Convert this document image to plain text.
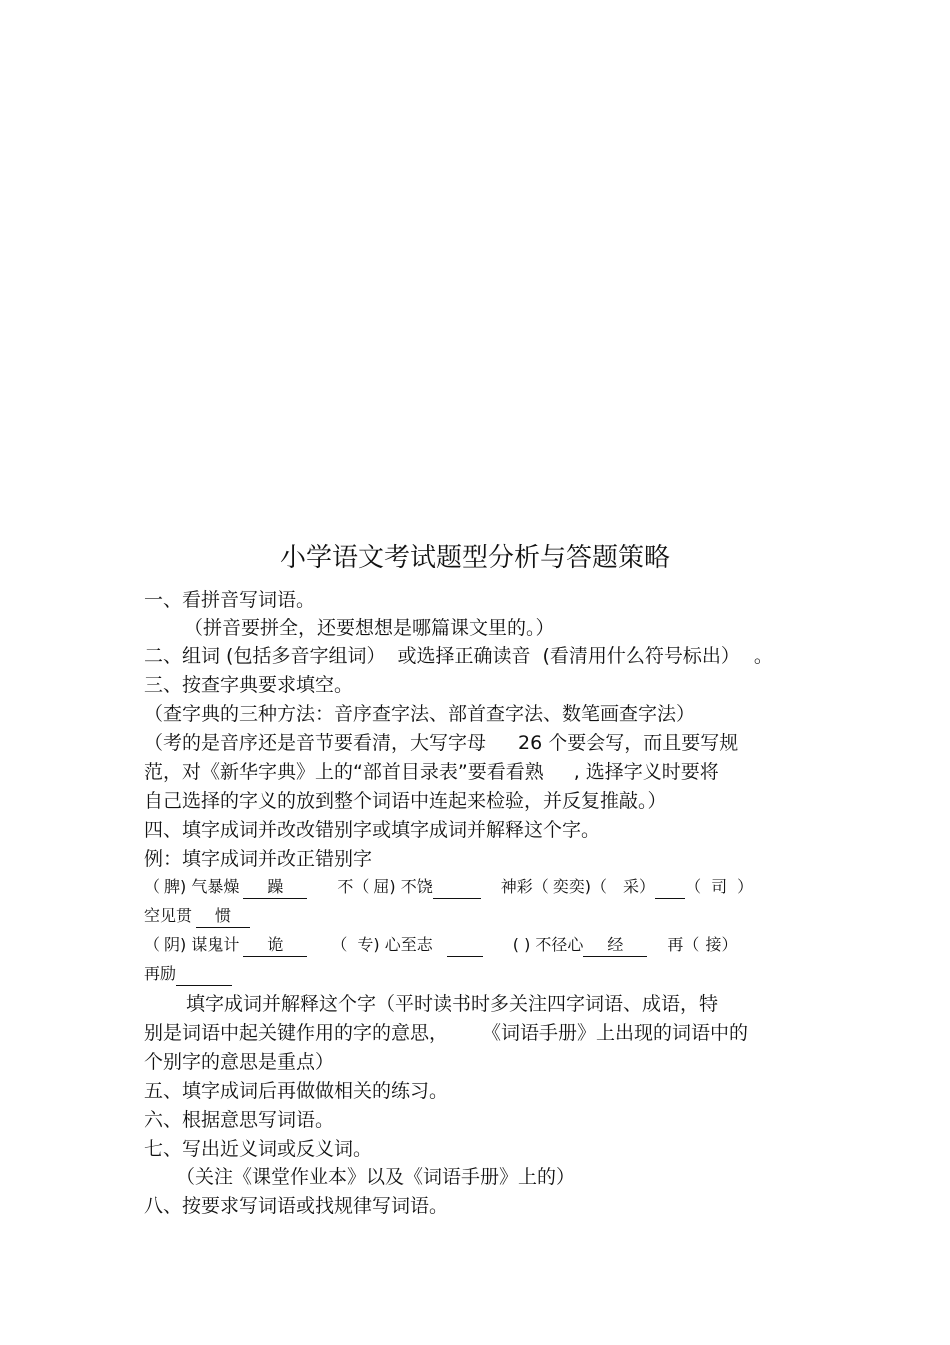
小学语文考试题型分析与答题策略
一、看拼音写词语。
（拼音要拼全，还要想想是哪篇课文里的。）
二、组词 (包括多音字组词） 或选择正确读音 (看清用什么符号标出） 。
三、按查字典要求填空。
（查字典的三种方法：音序查字法、部首查字法、数笔画查字法）
（考的是音序还是音节要看清，大写字母 26 个要会写，而且要写规
范，对《新华字典》上的“部首目录表”要看看熟 , 选择字义时要将
自己选择的字义的放到整个词语中连起来检验，并反复推敲。）
四、填字成词并改改错别字或填字成词并解释这个字。
例：填字成词并改正错别字
（ 脾) 气暴燥 躁	不（ 屈) 不饶	神彩（ 奕奕)（ 采） （ 司 ）
空见贯 惯
（ 阴) 谋鬼计 诡	（ 专) 心至志	( ) 不径心 经	再（ 接）
再励
填字成词并解释这个字（平时读书时多关注四字词语、成语，特
别是词语中起关键作用的字的意思， 《词语手册》上出现的词语中的
个别字的意思是重点）
五、填字成词后再做做相关的练习。
六、根据意思写词语。
七、写出近义词或反义词。
（关注《课堂作业本》以及《词语手册》上的）
八、按要求写词语或找规律写词语。
